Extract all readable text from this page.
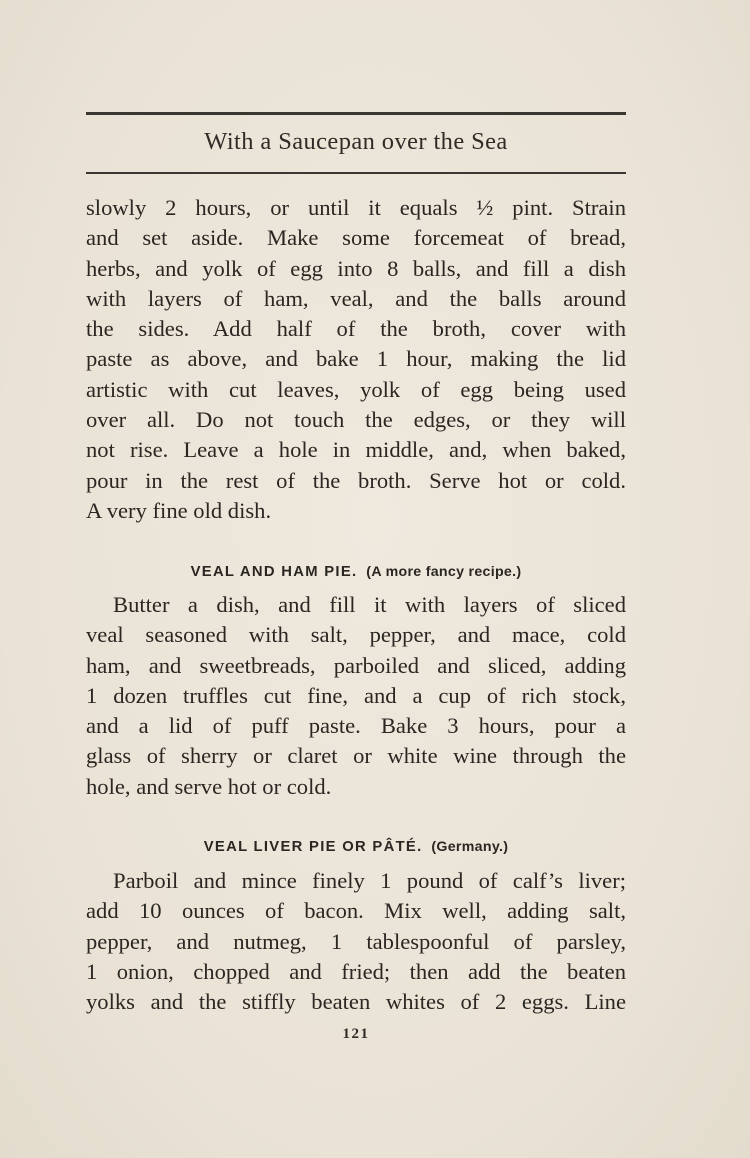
With a Saucepan over the Sea
slowly 2 hours, or until it equals ½ pint. Strain
and set aside. Make some forcemeat of bread,
herbs, and yolk of egg into 8 balls, and fill a dish
with layers of ham, veal, and the balls around
the sides. Add half of the broth, cover with
paste as above, and bake 1 hour, making the lid
artistic with cut leaves, yolk of egg being used
over all. Do not touch the edges, or they will
not rise. Leave a hole in middle, and, when baked,
pour in the rest of the broth. Serve hot or cold.
A very fine old dish.
VEAL AND HAM PIE. (A more fancy recipe.)
Butter a dish, and fill it with layers of sliced
veal seasoned with salt, pepper, and mace, cold
ham, and sweetbreads, parboiled and sliced, adding
1 dozen truffles cut fine, and a cup of rich stock,
and a lid of puff paste. Bake 3 hours, pour a
glass of sherry or claret or white wine through the
hole, and serve hot or cold.
VEAL LIVER PIE OR PÂTÉ. (Germany.)
Parboil and mince finely 1 pound of calf’s liver;
add 10 ounces of bacon. Mix well, adding salt,
pepper, and nutmeg, 1 tablespoonful of parsley,
1 onion, chopped and fried; then add the beaten
yolks and the stiffly beaten whites of 2 eggs. Line
121
